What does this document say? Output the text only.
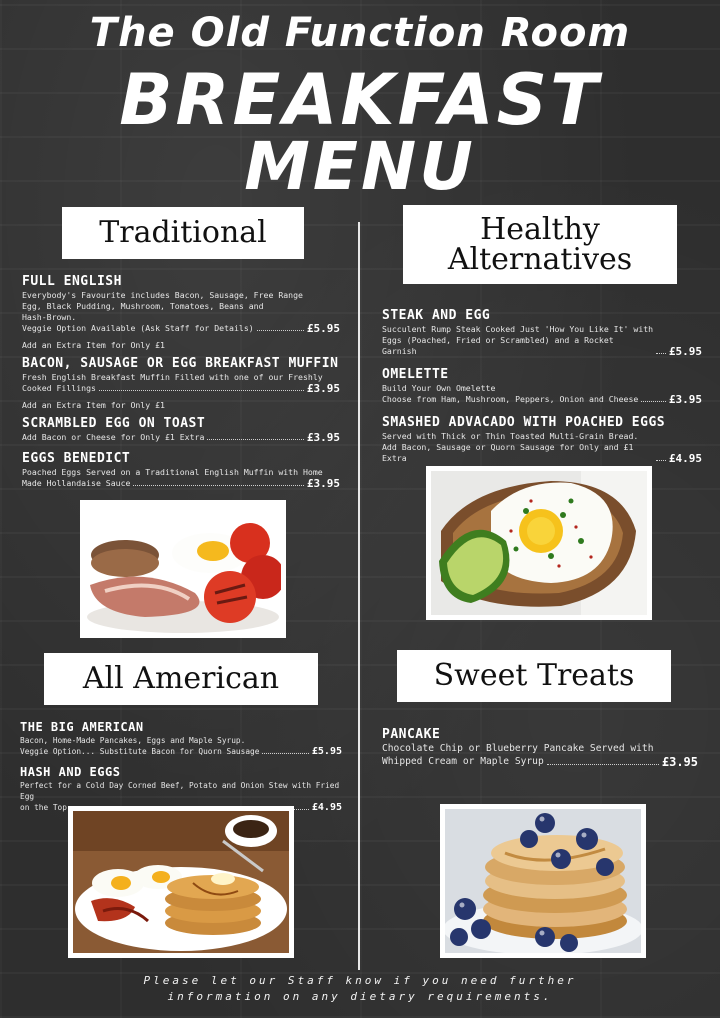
The Old Function Room
BREAKFAST
MENU
Traditional
FULL ENGLISH
Everybody's Favourite includes Bacon, Sausage, Free Range
Egg, Black Pudding, Mushroom, Tomatoes, Beans and
Hash-Brown.
Veggie Option Available (Ask Staff for Details)	£5.95
Add an Extra Item for Only £1
BACON, SAUSAGE OR EGG BREAKFAST MUFFIN
Fresh English Breakfast Muffin Filled with one of our Freshly
Cooked Fillings	£3.95
Add an Extra Item for Only £1
SCRAMBLED EGG ON TOAST
Add Bacon or Cheese for Only £1 Extra	£3.95
EGGS BENEDICT
Poached Eggs Served on a Traditional English Muffin with Home
Made Hollandaise Sauce	£3.95
Healthy
Alternatives
STEAK AND EGG
Succulent Rump Steak Cooked Just 'How You Like It' with
Eggs (Poached, Fried or Scrambled) and a Rocket Garnish	£5.95
OMELETTE
Build Your Own Omelette
Choose from Ham, Mushroom, Peppers, Onion and Cheese	£3.95
SMASHED ADVACADO WITH POACHED EGGS
Served with Thick or Thin Toasted Multi-Grain Bread.
Add Bacon, Sausage or Quorn Sausage for Only and £1 Extra	£4.95
All American
THE BIG AMERICAN
Bacon, Home-Made Pancakes, Eggs and Maple Syrup.
Veggie Option... Substitute Bacon for Quorn Sausage	£5.95
HASH AND EGGS
Perfect for a Cold Day Corned Beef, Potato and Onion Stew with Fried Egg
on the Top	£4.95
Sweet Treats
PANCAKE
Chocolate Chip or Blueberry Pancake Served with
Whipped Cream or Maple Syrup	£3.95
Please let our Staff know if you need further
information on any dietary requirements.
